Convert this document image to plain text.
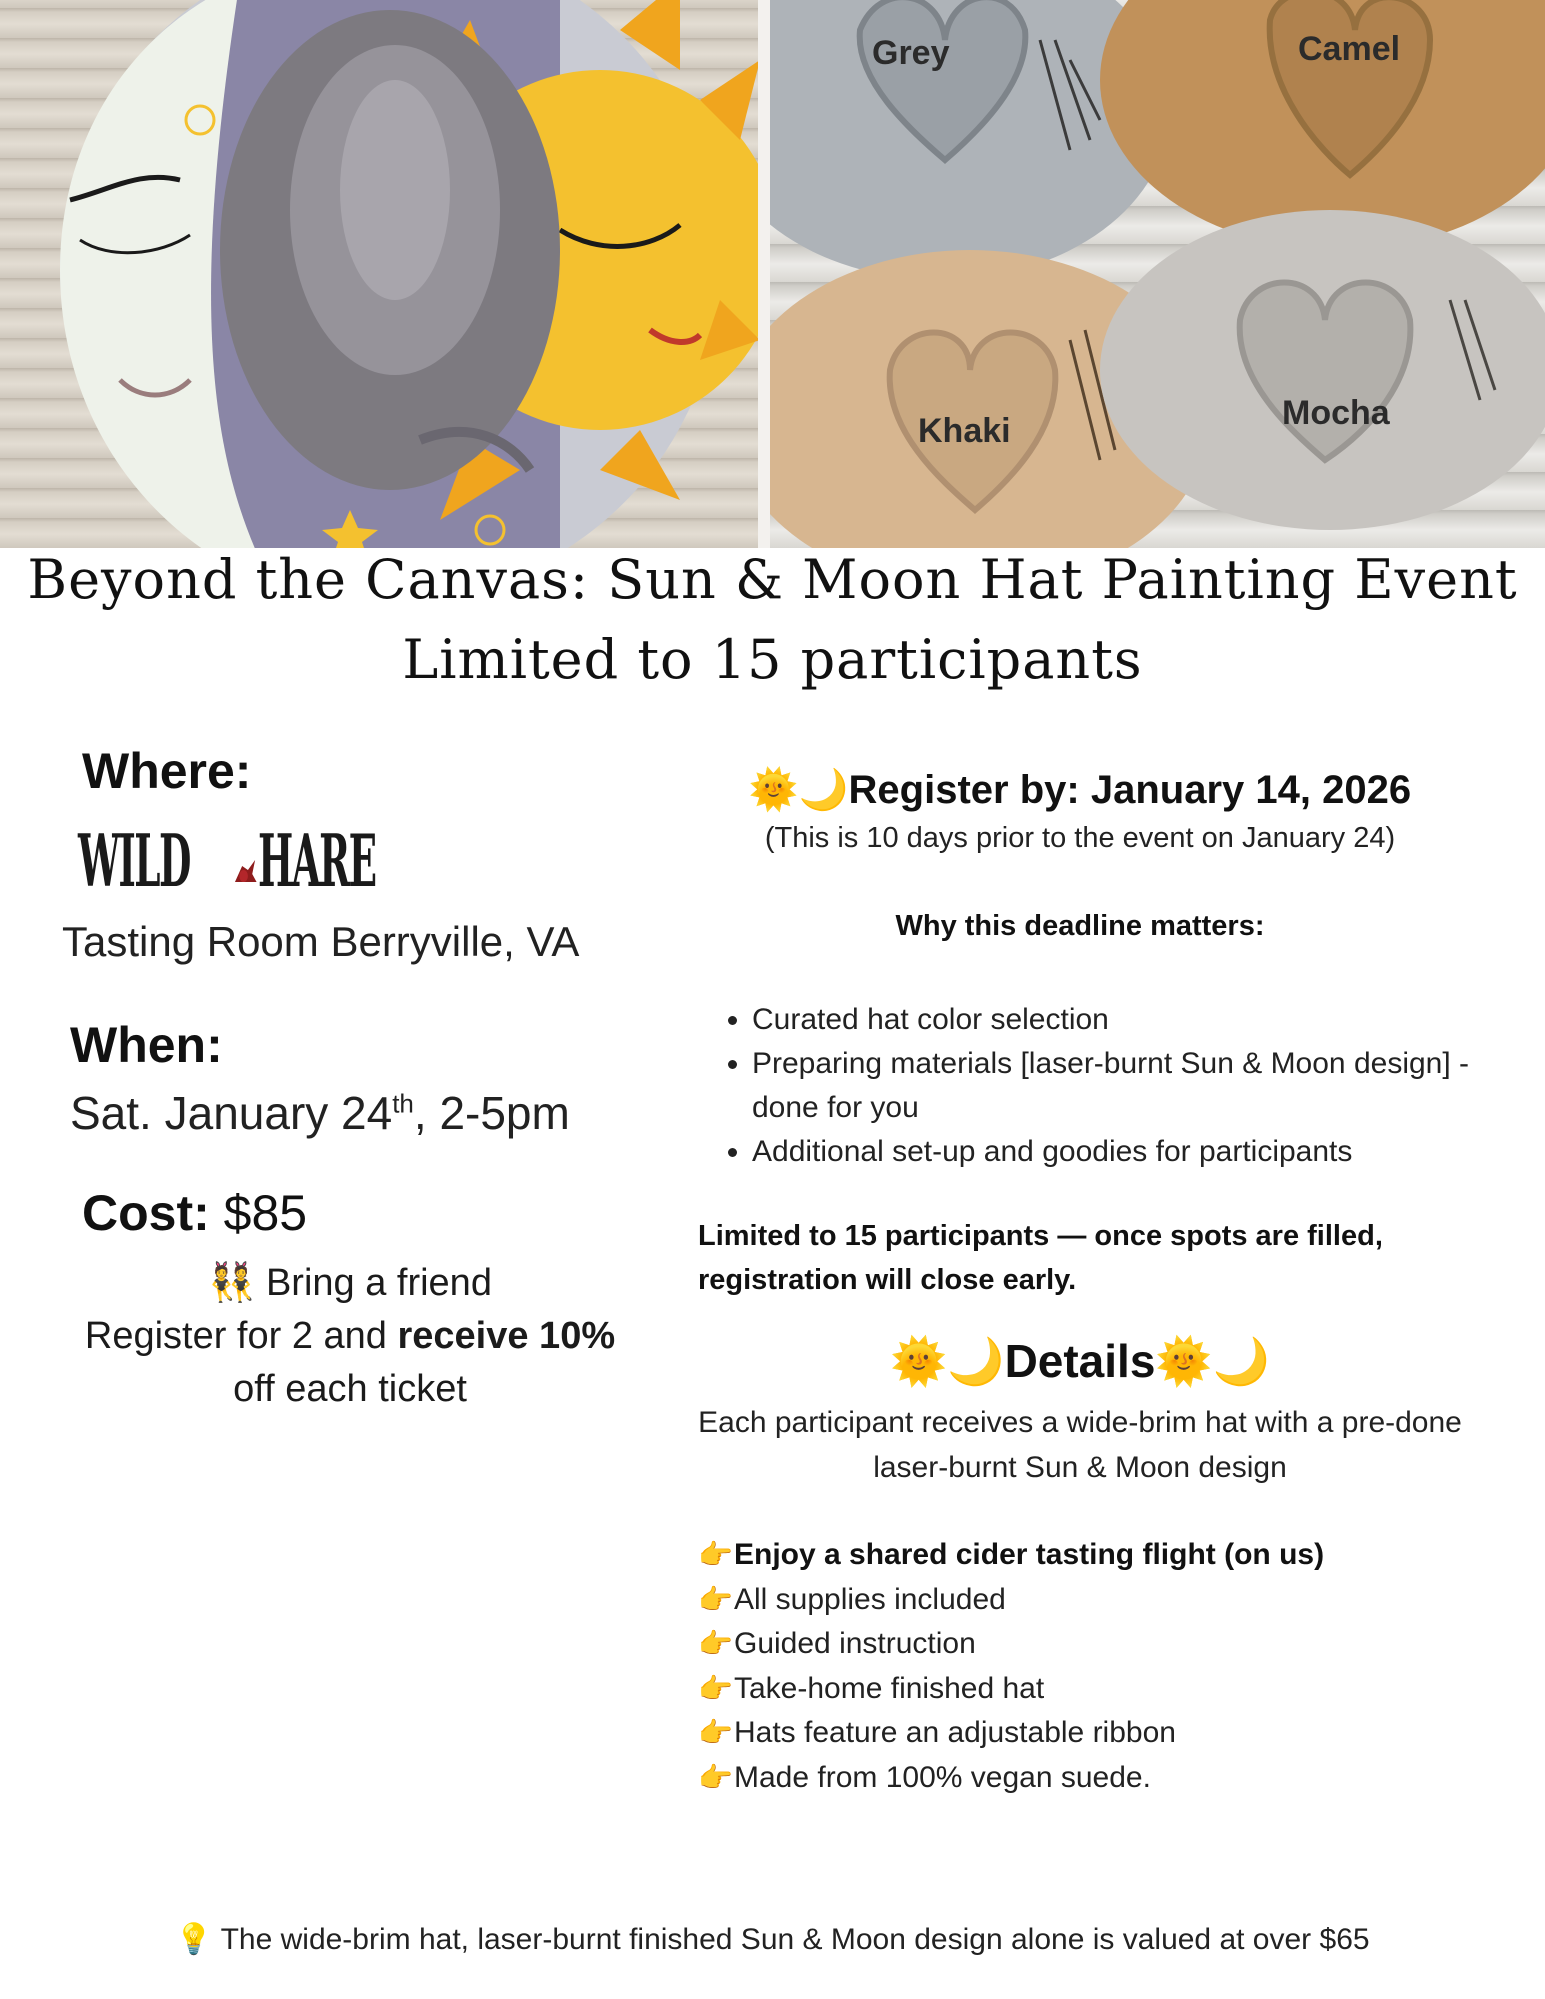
Grey	Camel
Khaki	Mocha
Beyond the Canvas: Sun & Moon Hat Painting Event
Limited to 15 participants
Where:
WILD HARE
Tasting Room Berryville, VA
When:
Sat. January 24th, 2-5pm
Cost: $85
👯 Bring a friend
Register for 2 and receive 10%
off each ticket
🌞🌙Register by: January 14, 2026
(This is 10 days prior to the event on January 24)
Why this deadline matters:
• Curated hat color selection
• Preparing materials [laser-burnt Sun & Moon design] - done for you
• Additional set-up and goodies for participants
Limited to 15 participants — once spots are filled, registration will close early.
🌞🌙Details🌞🌙
Each participant receives a wide-brim hat with a pre-done laser-burnt Sun & Moon design
👉 Enjoy a shared cider tasting flight (on us)
👉 All supplies included
👉 Guided instruction
👉 Take-home finished hat
👉 Hats feature an adjustable ribbon
👉 Made from 100% vegan suede.
💡 The wide-brim hat, laser-burnt finished Sun & Moon design alone is valued at over $65
